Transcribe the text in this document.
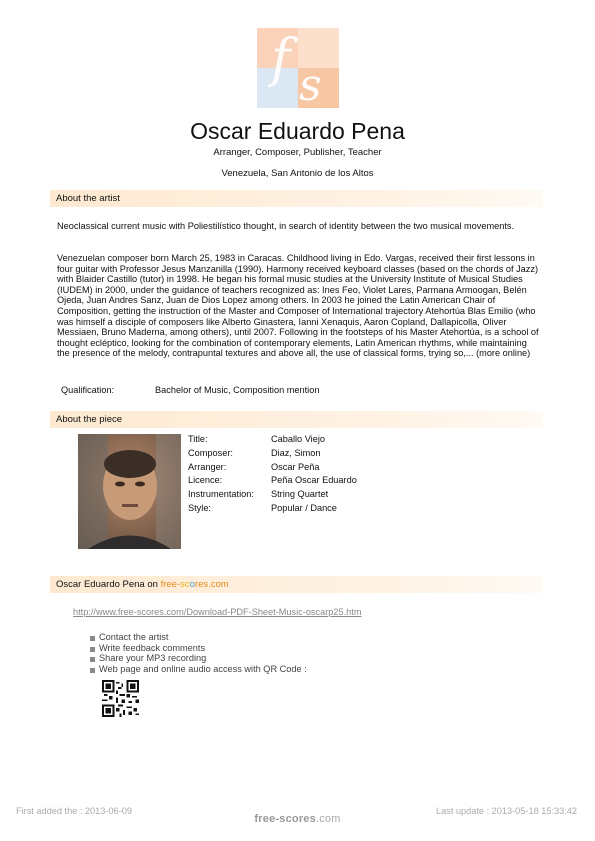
f s
Oscar Eduardo Pena
Arranger, Composer, Publisher, Teacher
Venezuela, San Antonio de los Altos
About the artist
Neoclassical current music with Poliestilístico thought, in search of identity between the two musical movements.
Venezuelan composer born March 25, 1983 in Caracas. Childhood living in Edo. Vargas, received their first lessons in four guitar with Professor Jesus Manzanilla (1990). Harmony received keyboard classes (based on the chords of Jazz) with Blaider Castillo (tutor) in 1998. He began his formal music studies at the University Institute of Musical Studies (IUDEM) in 2000, under the guidance of teachers recognized as: Ines Feo, Violet Lares, Parmana Armoogan, Belén Ojeda, Juan Andres Sanz, Juan de Dios Lopez among others. In 2003 he joined the Latin American Chair of Composition, getting the instruction of the Master and Composer of International trajectory Atehortúa Blas Emilio (who was himself a disciple of composers like Alberto Ginastera, Ianni Xenaquis, Aaron Copland, Dallapicolla, Oliver Messiaen, Bruno Maderna, among others), until 2007. Following in the footsteps of his Master Atehortúa, is a school of thought ecléptico, looking for the combination of contemporary elements, Latin American rhythms, while maintaining the presence of the melody, contrapuntal textures and above all, the use of classical forms, trying so,... (more online)
Qualification:	Bachelor of Music, Composition mention
About the piece
Title:	Caballo Viejo
Composer:	Diaz, Simon
Arranger:	Oscar Peña
Licence:	Peña Oscar Eduardo
Instrumentation:	String Quartet
Style:	Popular / Dance
Oscar Eduardo Pena on free-scores.com
http://www.free-scores.com/Download-PDF-Sheet-Music-oscarp25.htm
Contact the artist
Write feedback comments
Share your MP3 recording
Web page and online audio access with QR Code :
First added the : 2013-06-09	Last update : 2013-05-18 15:33:42
free-scores.com
